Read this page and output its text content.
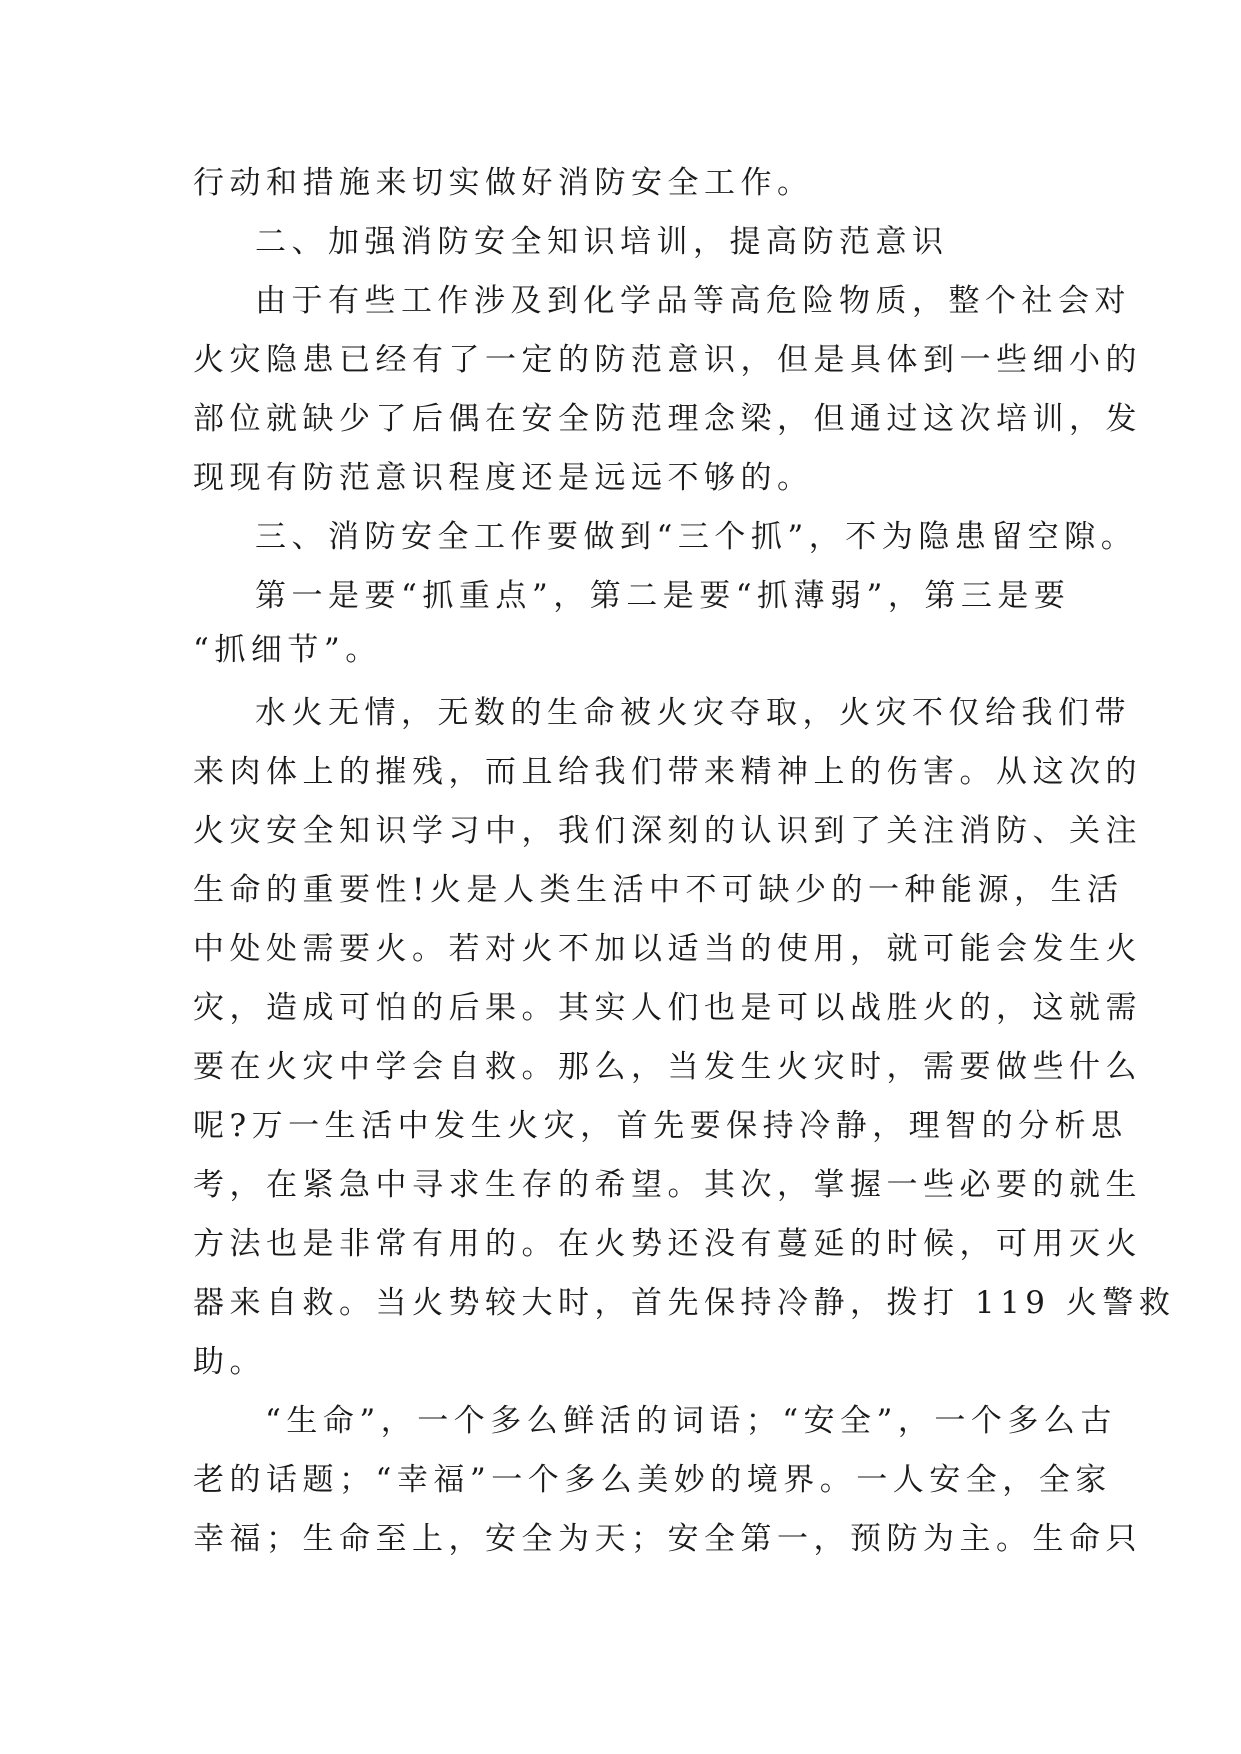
行动和措施来切实做好消防安全工作。
二、加强消防安全知识培训，提高防范意识
由于有些工作涉及到化学品等高危险物质，整个社会对
火灾隐患已经有了一定的防范意识，但是具体到一些细小的
部位就缺少了后偶在安全防范理念梁，但通过这次培训，发
现现有防范意识程度还是远远不够的。
三、消防安全工作要做到“三个抓”，不为隐患留空隙。
第一是要“抓重点”，第二是要“抓薄弱”，第三是要
“抓细节”。
水火无情，无数的生命被火灾夺取，火灾不仅给我们带
来肉体上的摧残，而且给我们带来精神上的伤害。从这次的
火灾安全知识学习中，我们深刻的认识到了关注消防、关注
生命的重要性!火是人类生活中不可缺少的一种能源，生活
中处处需要火。若对火不加以适当的使用，就可能会发生火
灾，造成可怕的后果。其实人们也是可以战胜火的，这就需
要在火灾中学会自救。那么，当发生火灾时，需要做些什么
呢?万一生活中发生火灾，首先要保持冷静，理智的分析思
考，在紧急中寻求生存的希望。其次，掌握一些必要的就生
方法也是非常有用的。在火势还没有蔓延的时候，可用灭火
器来自救。当火势较大时，首先保持冷静，拨打 119 火警救
助。
“生命”，一个多么鲜活的词语；“安全”，一个多么古
老的话题；“幸福”一个多么美妙的境界。一人安全，全家
幸福；生命至上，安全为天；安全第一，预防为主。生命只
